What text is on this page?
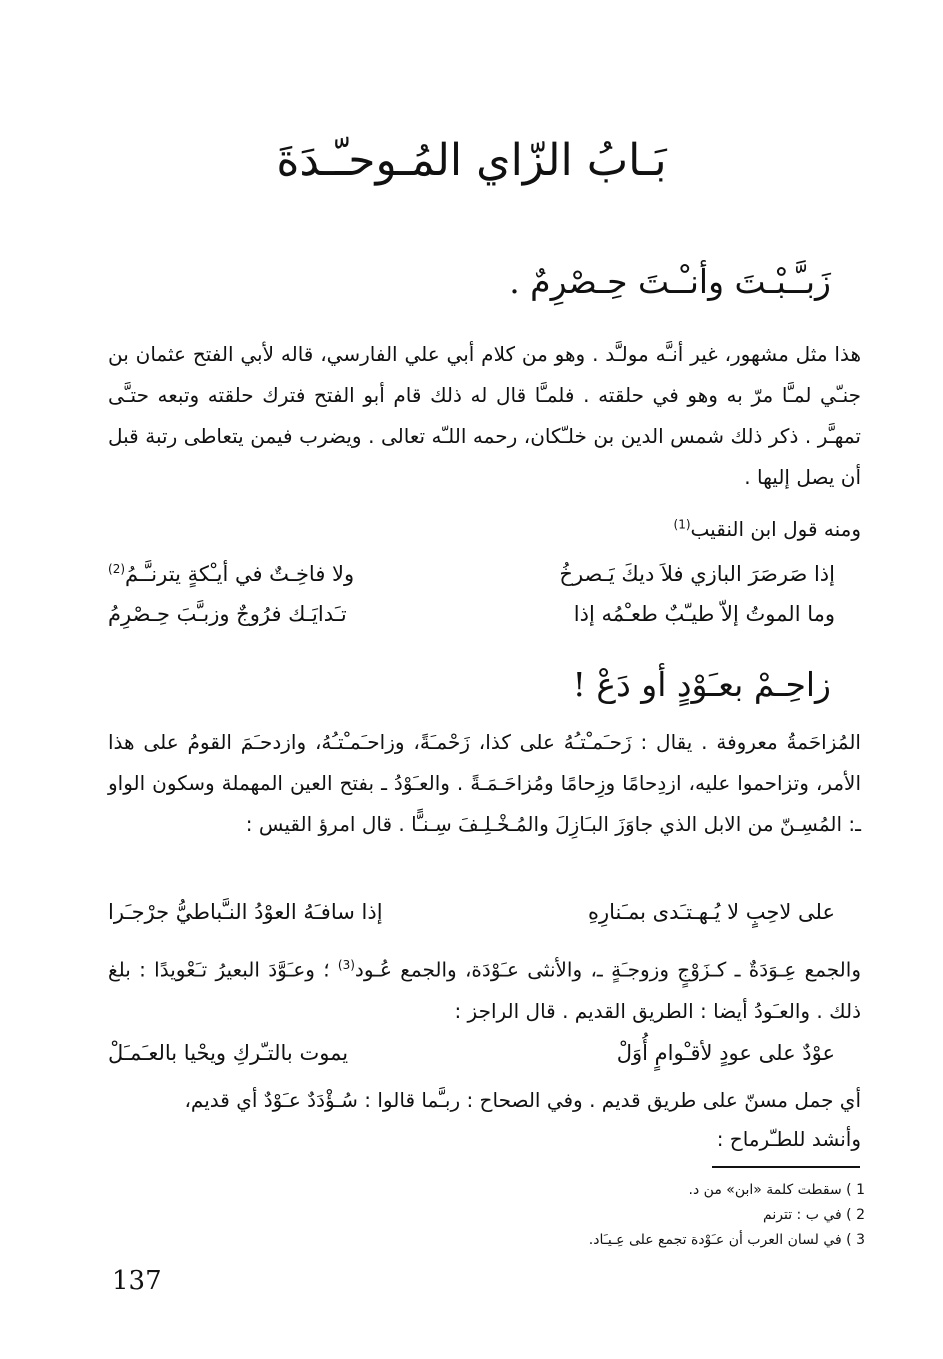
بَـابُ الزّاي المُـوحـّـدَةَ
زَبـَّـبْـتَ وأنـْـتَ حِـصْرِمٌ .

هذا مثل مشهور، غير أنـَّه مولـَّد . وهو من كلام أبي علي الفارسي، قاله لأبي الفتح عثمان بن جنـّي لمـَّا مرّ به وهو في حلقته . فلمـَّا قال له ذلك قام أبو الفتح فترك حلقته وتبعه حتـَّى تمهـَّر . ذكر ذلك شمس الدين بن خلـّكان، رحمه اللـّه تعالى . ويضرب فيمن يتعاطى رتبة قبل أن يصل إليها .

ومنه قول ابن النقيب$^{(1)}$
إذا صَرصَرَ البازي فلاَ ديكَ يَـصرخُ
ولا فاخِـتٌ في أيـْكةٍ يترنـَّـمُ$^{(2)}$
وما الموتُ إلاّ طيـّبٌ طعـْمُه إذا
تـَدايَـك فرُوجٌ وزبـَّبَ حِـصْرِمُ
زاحِـمْ بعـَوْدٍ أو دَعْ !

المُزاحَمةُ معروفة . يقال : زَحـَمـْتـُهُ على كذا، زَحْمـَةً، وزاحـَمـْتـُهُ، وازدحـَمَ القومُ على هذا الأمر، وتزاحموا عليه، ازدِحامًا وزِحامًا ومُزاحَـمَـةً . والعـَوْدُ ـ بفتح العين المهملة وسكون الواو ـ: المُسِـنّ من الابل الذي جاوَزَ البـَازِلَ والمُـخْـلِـفَ سِـنـًّا . قال امرؤ القيس :

على لاحِبٍ لا يُـهـتـَدى بمـَنارِهِ
إذا سافـَهُ العوْدُ النـَّباطيُّ جرْجـَرا

والجمع عِـوَدَةٌ ـ كـزَوْجٍ وزوجـَةٍ ـ، والأنثى عـَوْدَة، والجمع عُـود$^{(3)}$ ؛ وعـَوَّدَ البعيرُ تـَعْويدًا : بلغ ذلك . والعـَودُ أيضا : الطريق القديم . قال الراجز :

عوْدٌ على عودٍ لأقـْوامٍ أُوَلْ
يموت بالتـّركِ ويحْيا بالعـَمـَلْ
أي جمل مسنّ على طريق قديم . وفي الصحاح : ربـَّما قالوا : سُـؤْدَدٌ عـَوْدٌ أي قديم،
وأنشد للطـّرماح :
1 ) سقطت كلمة «ابن» من د.
2 ) في ب : تترنم
3 ) في لسان العرب أن عـَوْدة تجمع على عِـيـَاد.
137
